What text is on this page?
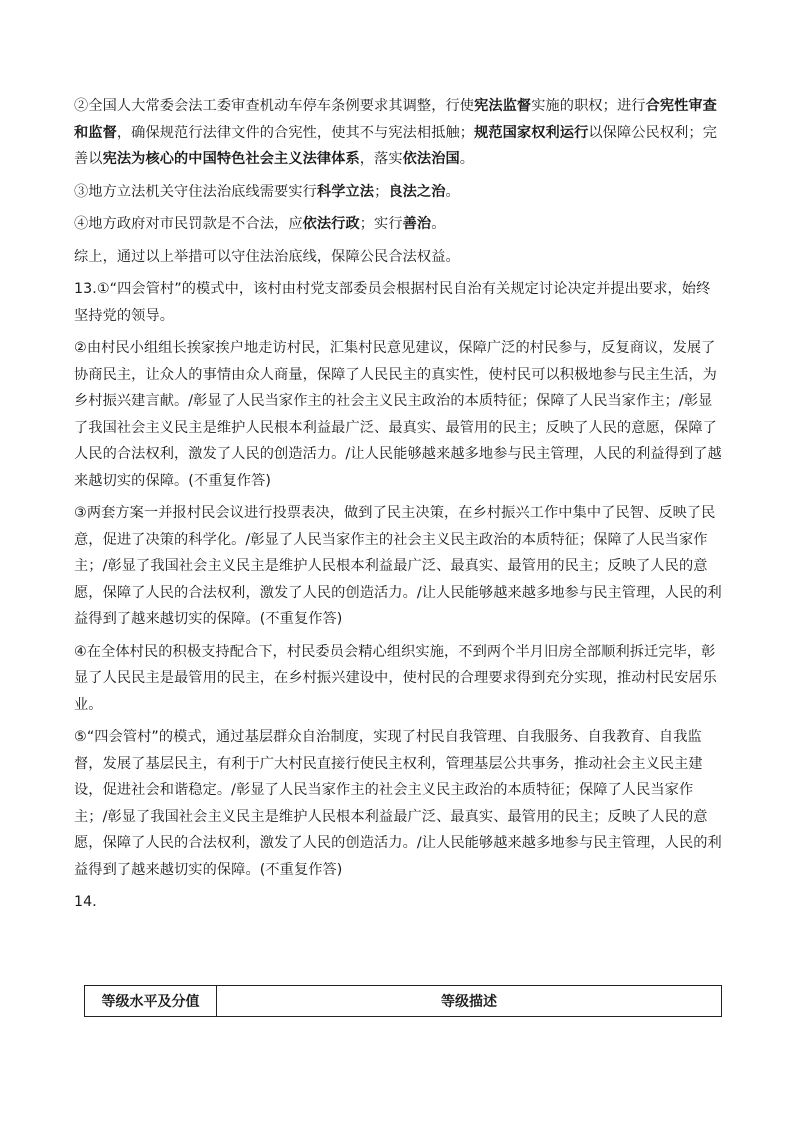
②全国人大常委会法工委审查机动车停车条例要求其调整，行使宪法监督实施的职权；进行合宪性审查和监督，确保规范行法律文件的合宪性，使其不与宪法相抵触；规范国家权利运行以保障公民权利；完善以宪法为核心的中国特色社会主义法律体系，落实依法治国。

③地方立法机关守住法治底线需要实行科学立法；良法之治。

④地方政府对市民罚款是不合法，应依法行政；实行善治。

综上，通过以上举措可以守住法治底线，保障公民合法权益。

13.①“四会管村”的模式中，该村由村党支部委员会根据村民自治有关规定讨论决定并提出要求，始终坚持党的领导。

②由村民小组组长挨家挨户地走访村民，汇集村民意见建议，保障广泛的村民参与，反复商议，发展了协商民主，让众人的事情由众人商量，保障了人民民主的真实性，使村民可以积极地参与民主生活，为乡村振兴建言献。/彰显了人民当家作主的社会主义民主政治的本质特征；保障了人民当家作主；/彰显了我国社会主义民主是维护人民根本利益最广泛、最真实、最管用的民主；反映了人民的意愿，保障了人民的合法权利，激发了人民的创造活力。/让人民能够越来越多地参与民主管理，人民的利益得到了越来越切实的保障。(不重复作答)

③两套方案一并报村民会议进行投票表决，做到了民主决策，在乡村振兴工作中集中了民智、反映了民意，促进了决策的科学化。/彰显了人民当家作主的社会主义民主政治的本质特征；保障了人民当家作主；/彰显了我国社会主义民主是维护人民根本利益最广泛、最真实、最管用的民主；反映了人民的意愿，保障了人民的合法权利，激发了人民的创造活力。/让人民能够越来越多地参与民主管理，人民的利益得到了越来越切实的保障。(不重复作答)

④在全体村民的积极支持配合下，村民委员会精心组织实施，不到两个半月旧房全部顺利拆迁完毕，彰显了人民民主是最管用的民主，在乡村振兴建设中，使村民的合理要求得到充分实现，推动村民安居乐业。

⑤“四会管村”的模式，通过基层群众自治制度，实现了村民自我管理、自我服务、自我教育、自我监督，发展了基层民主，有利于广大村民直接行使民主权利，管理基层公共事务，推动社会主义民主建设，促进社会和谐稳定。/彰显了人民当家作主的社会主义民主政治的本质特征；保障了人民当家作主；/彰显了我国社会主义民主是维护人民根本利益最广泛、最真实、最管用的民主；反映了人民的意愿，保障了人民的合法权利，激发了人民的创造活力。/让人民能够越来越多地参与民主管理，人民的利益得到了越来越切实的保障。(不重复作答)

14．

等级水平及分值	等级描述
